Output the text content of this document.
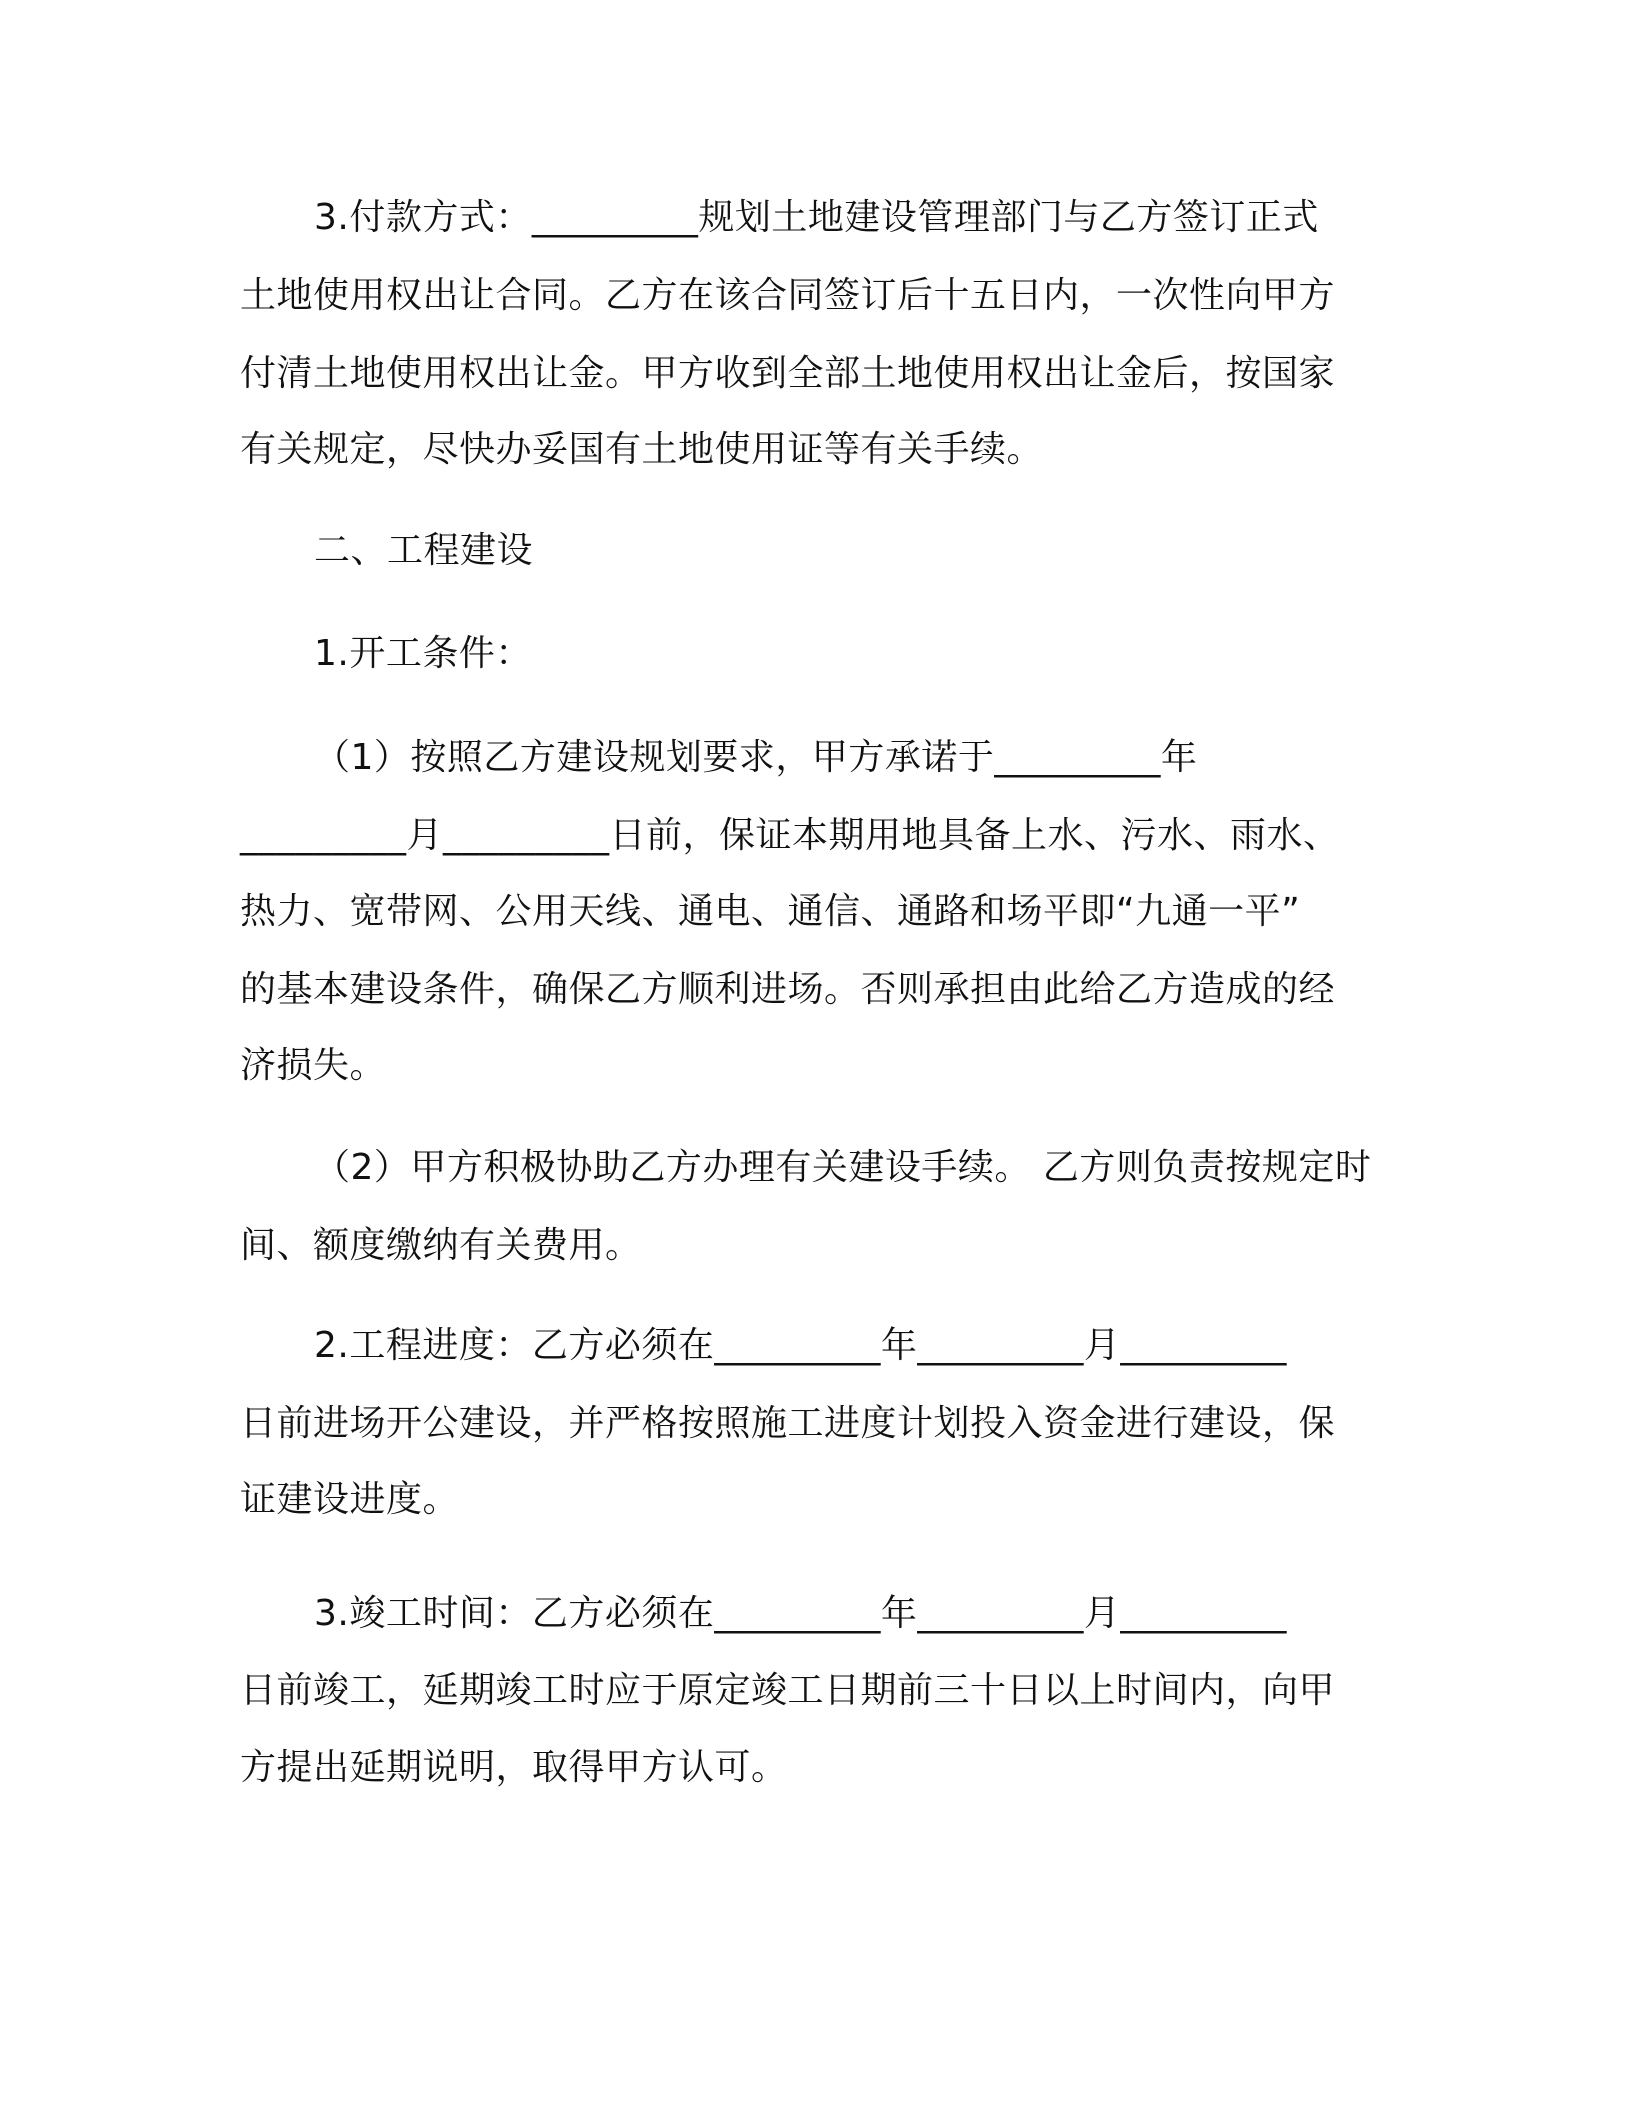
3.付款方式：_________规划土地建设管理部门与乙方签订正式
土地使用权出让合同。乙方在该合同签订后十五日内，一次性向甲方
付清土地使用权出让金。甲方收到全部土地使用权出让金后，按国家
有关规定，尽快办妥国有土地使用证等有关手续。
二、工程建设
1.开工条件：
（1）按照乙方建设规划要求，甲方承诺于_________年
_________月_________日前，保证本期用地具备上水、污水、雨水、
热力、宽带网、公用天线、通电、通信、通路和场平即“九通一平”
的基本建设条件，确保乙方顺利进场。否则承担由此给乙方造成的经
济损失。
（2）甲方积极协助乙方办理有关建设手续。 乙方则负责按规定时
间、额度缴纳有关费用。
2.工程进度：乙方必须在_________年_________月_________
日前进场开公建设，并严格按照施工进度计划投入资金进行建设，保
证建设进度。
3.竣工时间：乙方必须在_________年_________月_________
日前竣工，延期竣工时应于原定竣工日期前三十日以上时间内，向甲
方提出延期说明，取得甲方认可。
